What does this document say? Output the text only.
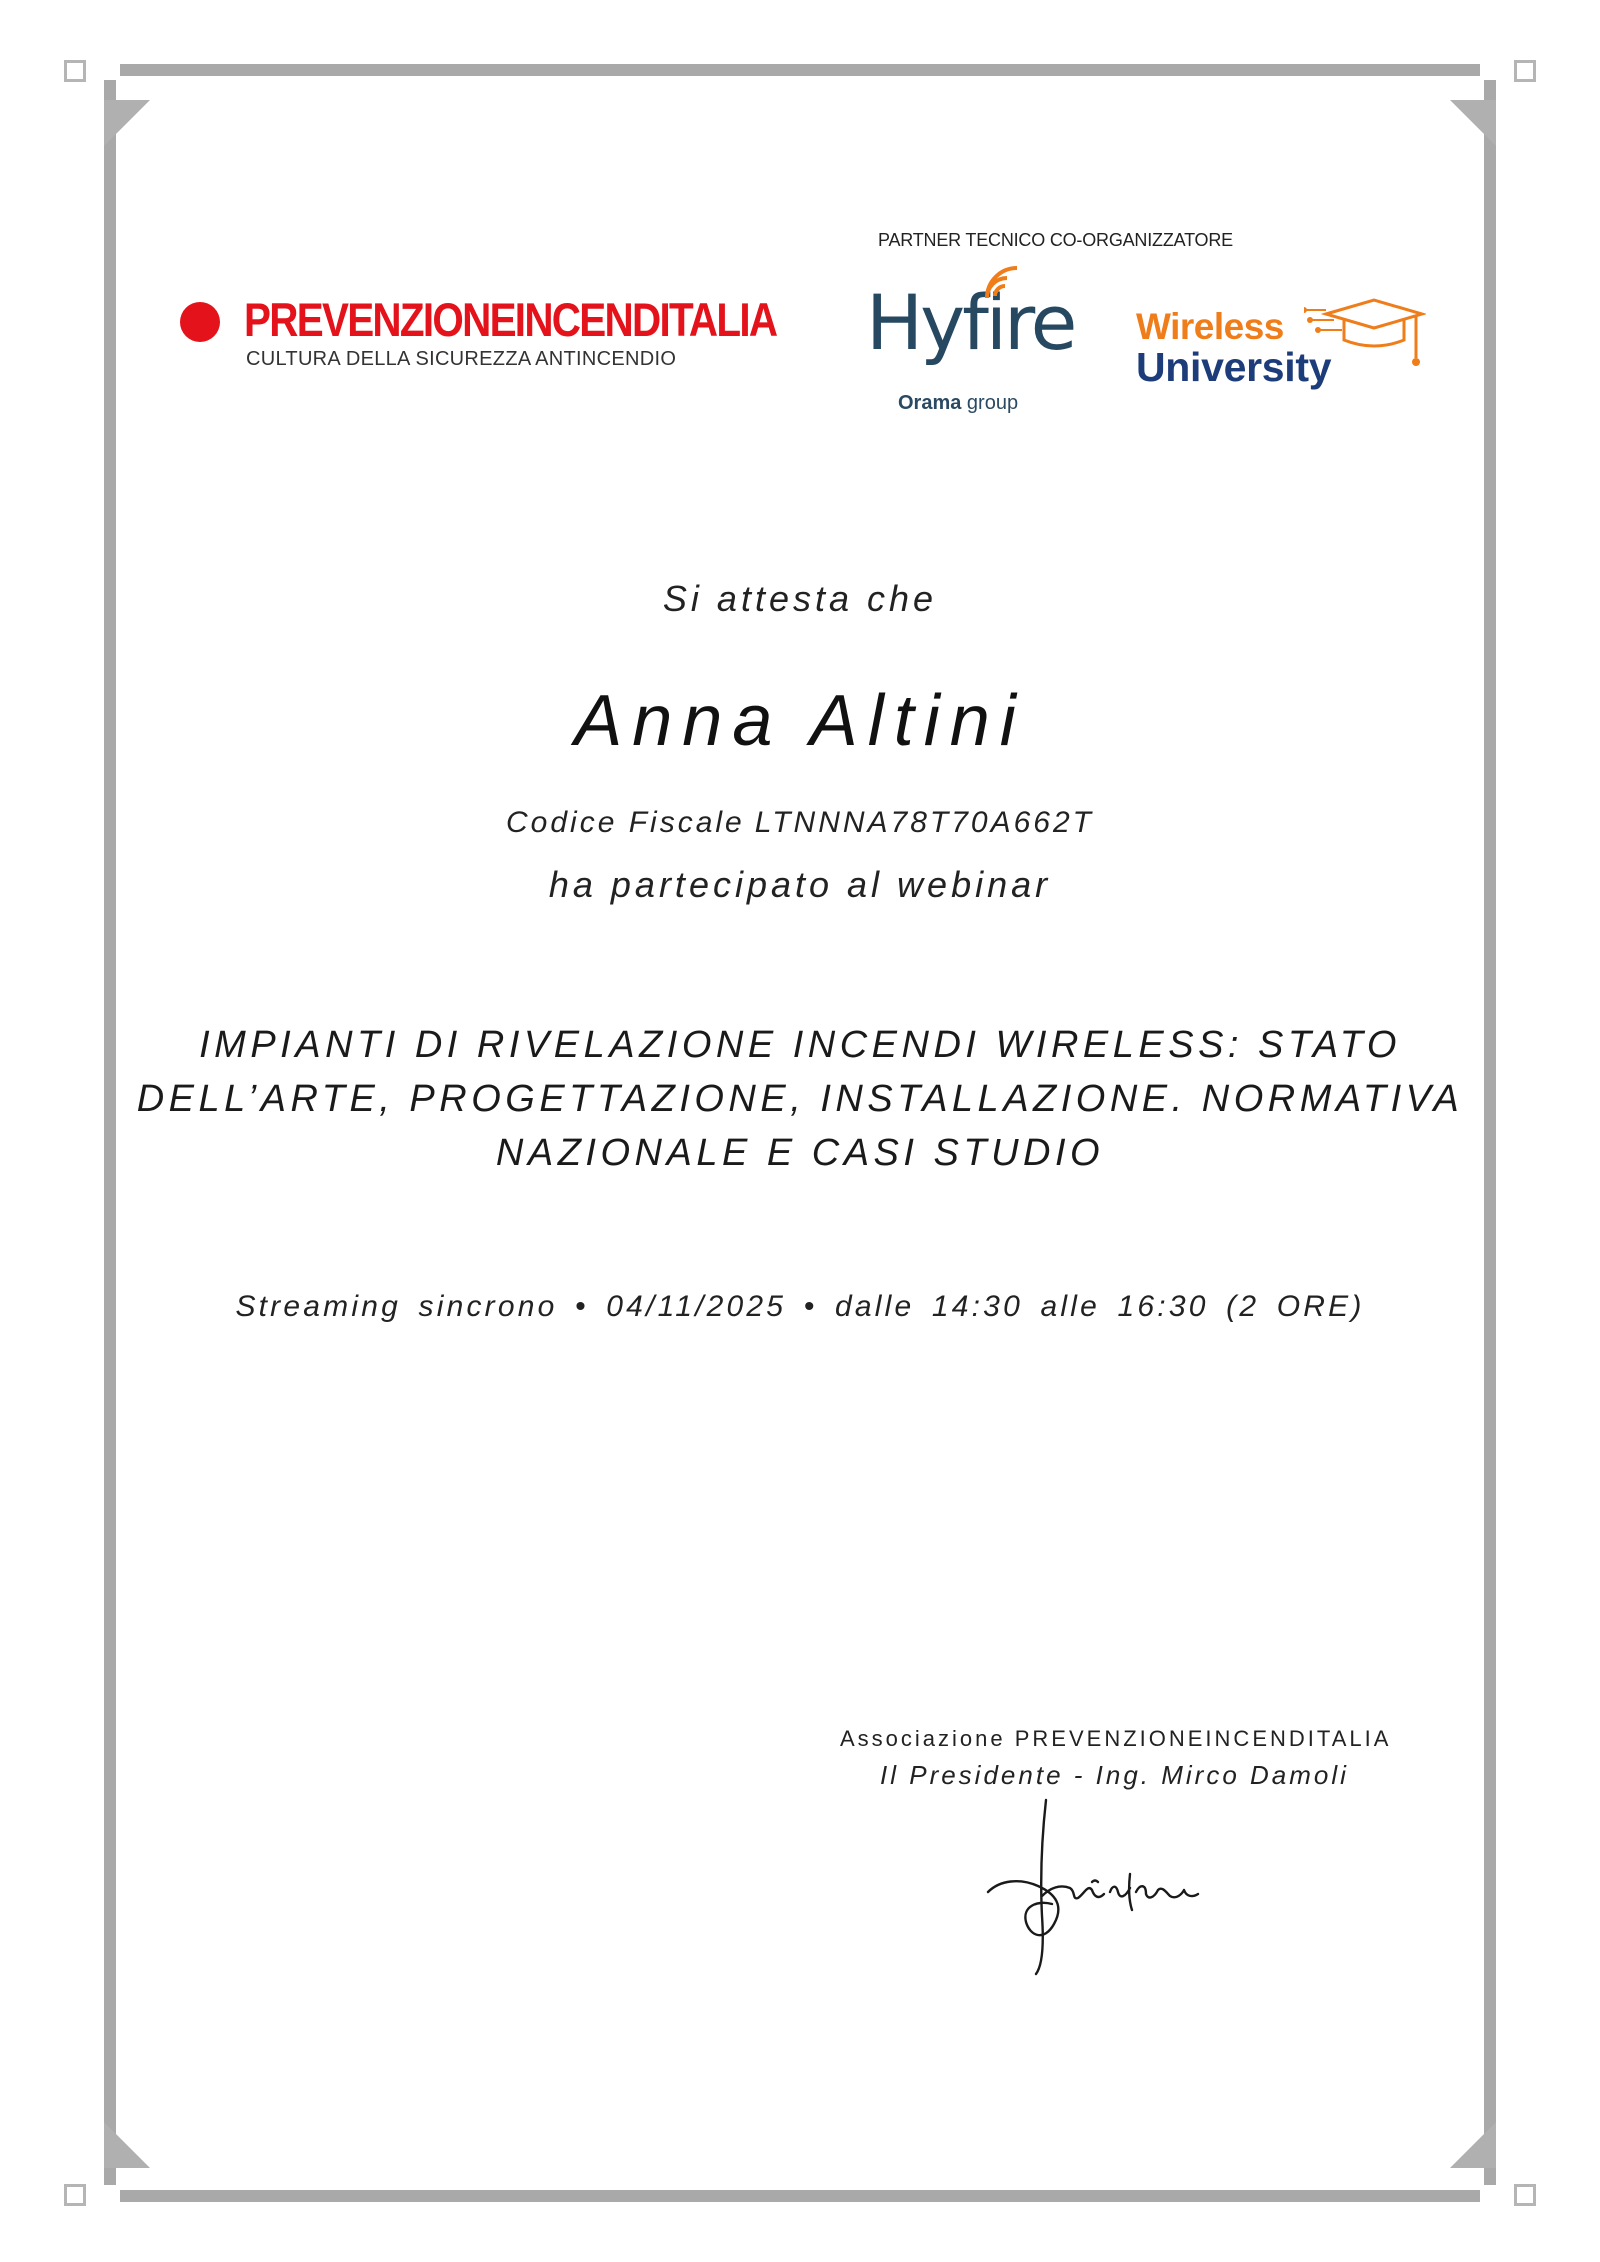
PREVENZIONEINCENDITALIA
CULTURA DELLA SICUREZZA ANTINCENDIO
PARTNER TECNICO CO-ORGANIZZATORE
Hyfire
Orama group
Wireless
University
Si attesta che
Anna Altini
Codice Fiscale LTNNNA78T70A662T
ha partecipato al webinar
IMPIANTI DI RIVELAZIONE INCENDI WIRELESS: STATO
DELL’ARTE, PROGETTAZIONE, INSTALLAZIONE. NORMATIVA
NAZIONALE E CASI STUDIO
Streaming sincrono • 04/11/2025 • dalle 14:30 alle 16:30 (2 ORE)
Associazione PREVENZIONEINCENDITALIA
Il Presidente - Ing. Mirco Damoli
